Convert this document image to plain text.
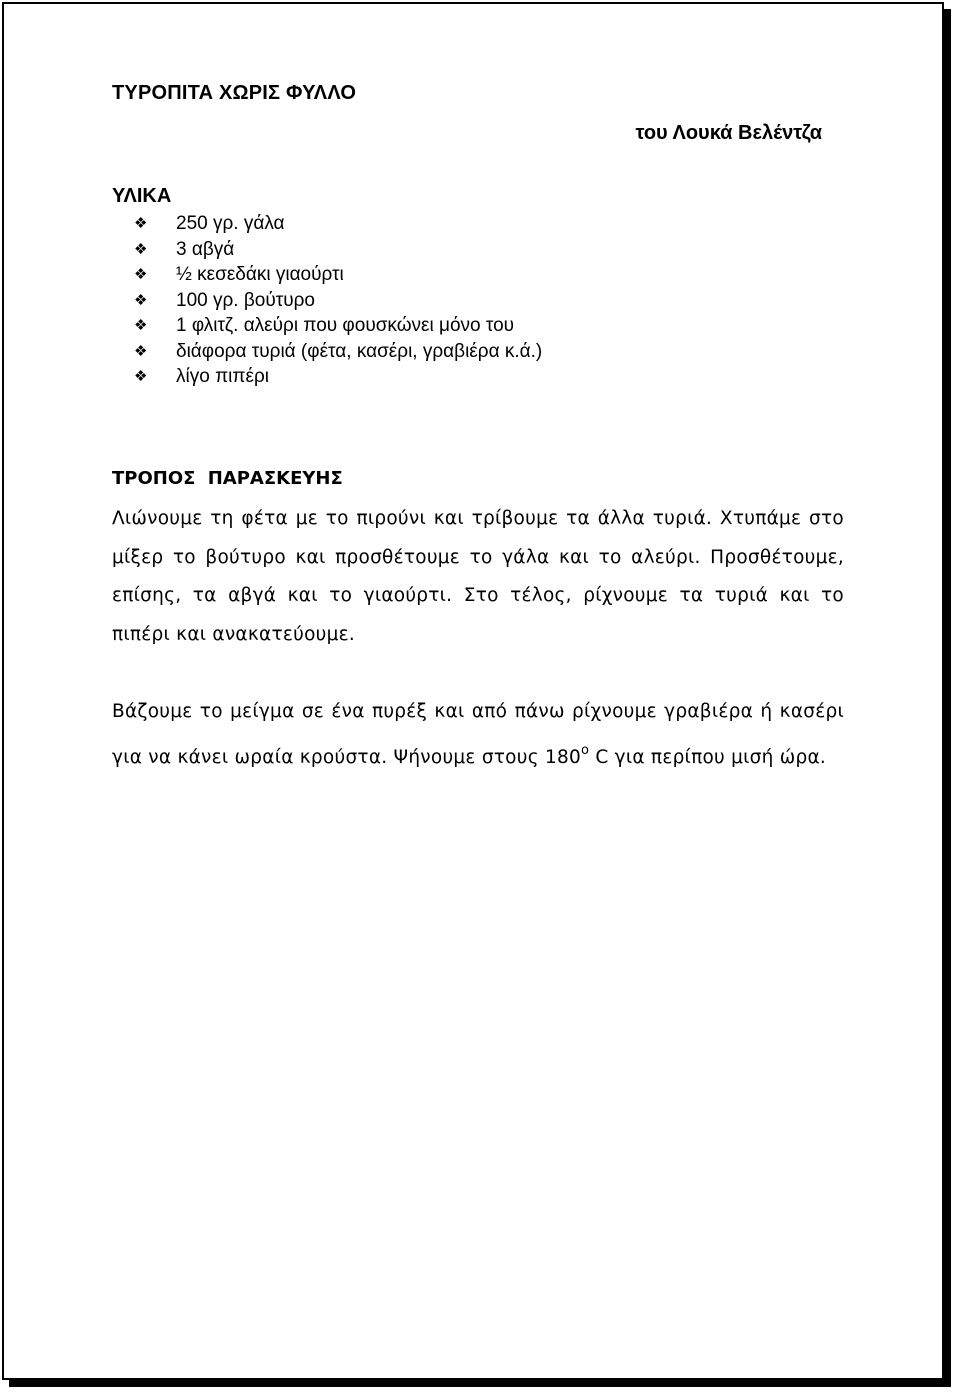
ΤΥΡΟΠΙΤΑ ΧΩΡΙΣ ΦΥΛΛΟ

του Λουκά Βελέντζα

ΥΛΙΚΑ
❖ 250 γρ. γάλα
❖ 3 αβγά
❖ ½ κεσεδάκι γιαούρτι
❖ 100 γρ. βούτυρο
❖ 1 φλιτζ. αλεύρι που φουσκώνει μόνο του
❖ διάφορα τυριά (φέτα, κασέρι, γραβιέρα κ.ά.)
❖ λίγο πιπέρι
ΤΡΟΠΟΣ ΠΑΡΑΣΚΕΥΗΣ

Λιώνουμε τη φέτα με το πιρούνι και τρίβουμε τα άλλα τυριά. Χτυπάμε στο μίξερ το βούτυρο και προσθέτουμε το γάλα και το αλεύρι. Προσθέτουμε, επίσης, τα αβγά και το γιαούρτι. Στο τέλος, ρίχνουμε τα τυριά και το πιπέρι και ανακατεύουμε.

Βάζουμε το μείγμα σε ένα πυρέξ και από πάνω ρίχνουμε γραβιέρα ή κασέρι για να κάνει ωραία κρούστα. Ψήνουμε στους $180^o$ C για περίπου μισή ώρα.
